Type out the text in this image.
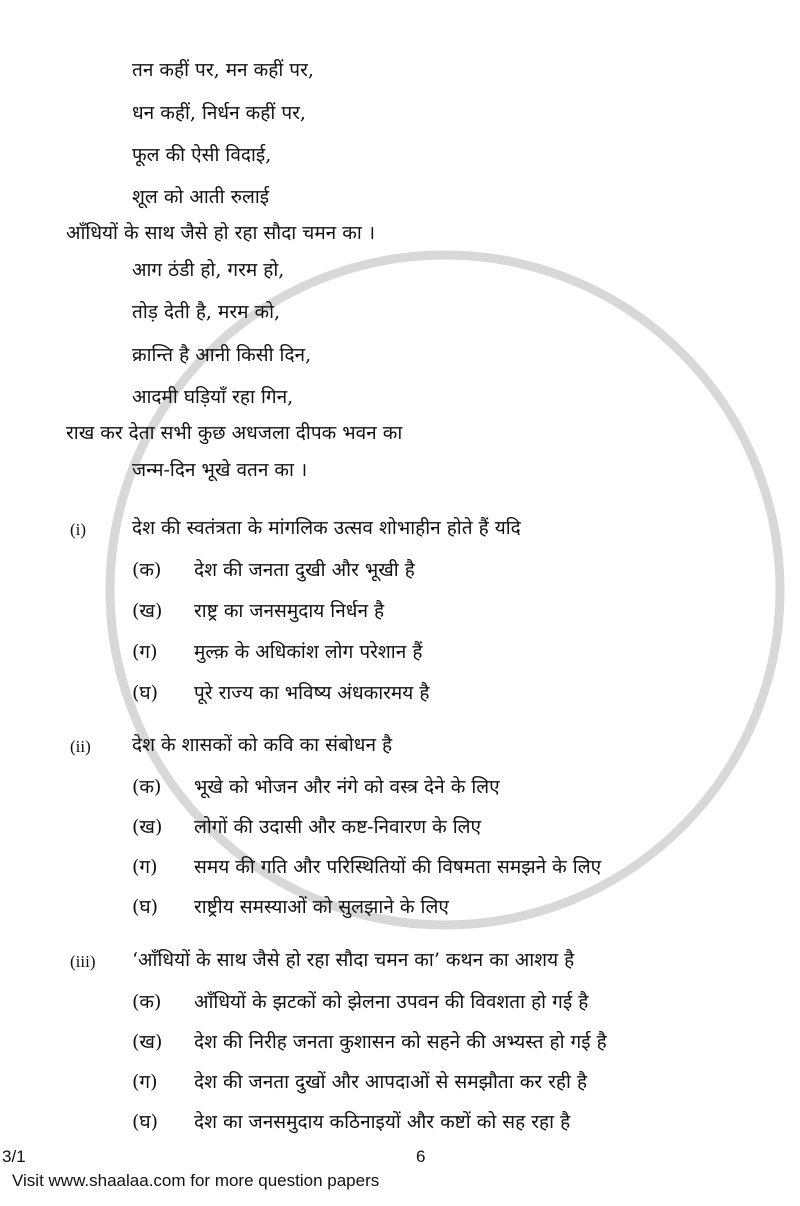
तन कहीं पर, मन कहीं पर,
धन कहीं, निर्धन कहीं पर,
फूल की ऐसी विदाई,
शूल को आती रुलाई
आँधियों के साथ जैसे हो रहा सौदा चमन का ।
आग ठंडी हो, गरम हो,
तोड़ देती है, मरम को,
क्रान्ति है आनी किसी दिन,
आदमी घड़ियाँ रहा गिन,
राख कर देता सभी कुछ अधजला दीपक भवन का
जन्म-दिन भूखे वतन का ।
(i) देश की स्वतंत्रता के मांगलिक उत्सव शोभाहीन होते हैं यदि
(क) देश की जनता दुखी और भूखी है
(ख) राष्ट्र का जनसमुदाय निर्धन है
(ग) मुल्क़ के अधिकांश लोग परेशान हैं
(घ) पूरे राज्य का भविष्य अंधकारमय है
(ii) देश के शासकों को कवि का संबोधन है
(क) भूखे को भोजन और नंगे को वस्त्र देने के लिए
(ख) लोगों की उदासी और कष्ट-निवारण के लिए
(ग) समय की गति और परिस्थितियों की विषमता समझने के लिए
(घ) राष्ट्रीय समस्याओं को सुलझाने के लिए
(iii) ‘आँधियों के साथ जैसे हो रहा सौदा चमन का’ कथन का आशय है
(क) आँधियों के झटकों को झेलना उपवन की विवशता हो गई है
(ख) देश की निरीह जनता कुशासन को सहने की अभ्यस्त हो गई है
(ग) देश की जनता दुखों और आपदाओं से समझौता कर रही है
(घ) देश का जनसमुदाय कठिनाइयों और कष्टों को सह रहा है
3/1	6
Visit www.shaalaa.com for more question papers
